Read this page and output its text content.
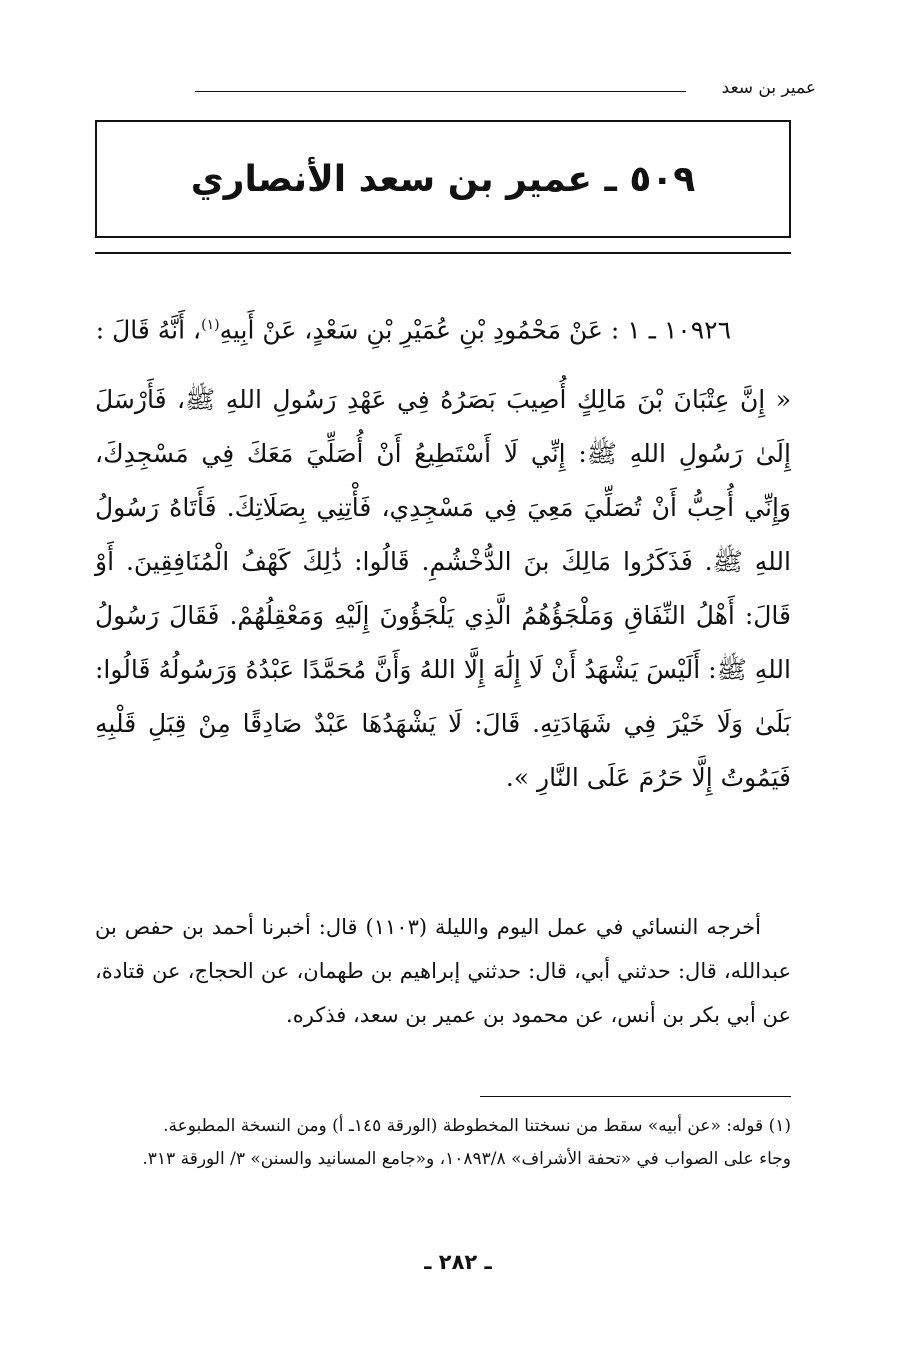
عمير بن سعد
٥٠٩ ـ عمير بن سعد الأنصاري

١٠٩٢٦ ـ ١ : عَنْ مَحْمُودِ بْنِ عُمَيْرِ بْنِ سَعْدٍ، عَنْ أَبِيهِ$^{(١)}$، أَنَّهُ قَالَ :

« إِنَّ عِتْبَانَ بْنَ مَالِكٍ أُصِيبَ بَصَرُهُ فِي عَهْدِ رَسُولِ اللهِ ﷺ، فَأَرْسَلَ إِلَىٰ رَسُولِ اللهِ ﷺ: إِنِّي لَا أَسْتَطِيعُ أَنْ أُصَلِّيَ مَعَكَ فِي مَسْجِدِكَ، وَإِنِّي أُحِبُّ أَنْ تُصَلِّيَ مَعِيَ فِي مَسْجِدِي، فَأْتِنِي بِصَلَاتِكَ. فَأَتَاهُ رَسُولُ اللهِ ﷺ. فَذَكَرُوا مَالِكَ بنَ الدُّخْشُمِ. قَالُوا: ذَٰلِكَ كَهْفُ الْمُنَافِقِينَ. أَوْ قَالَ: أَهْلُ النِّفَاقِ وَمَلْجَؤُهُمُ الَّذِي يَلْجَؤُونَ إِلَيْهِ وَمَعْقِلُهُمْ. فَقَالَ رَسُولُ اللهِ ﷺ: أَلَيْسَ يَشْهَدُ أَنْ لَا إِلَٰهَ إِلَّا اللهُ وَأَنَّ مُحَمَّدًا عَبْدُهُ وَرَسُولُهُ قَالُوا: بَلَىٰ وَلَا خَيْرَ فِي شَهَادَتِهِ. قَالَ: لَا يَشْهَدُهَا عَبْدٌ صَادِقًا مِنْ قِبَلِ قَلْبِهِ فَيَمُوتُ إِلَّا حَرُمَ عَلَى النَّارِ ».

أخرجه النسائي في عمل اليوم والليلة (١١٠٣) قال: أخبرنا أحمد بن حفص بن عبدالله، قال: حدثني أبي، قال: حدثني إبراهيم بن طهمان، عن الحجاج، عن قتادة، عن أبي بكر بن أنس، عن محمود بن عمير بن سعد، فذكره.

(١) قوله: «عن أبيه» سقط من نسختنا المخطوطة (الورقة ١٤٥ـ أ) ومن النسخة المطبوعة.

وجاء على الصواب في «تحفة الأشراف» ١٠٨٩٣/٨، و«جامع المسانيد والسنن» ٣/ الورقة ٣١٣.

ـ ٢٨٢ ـ
